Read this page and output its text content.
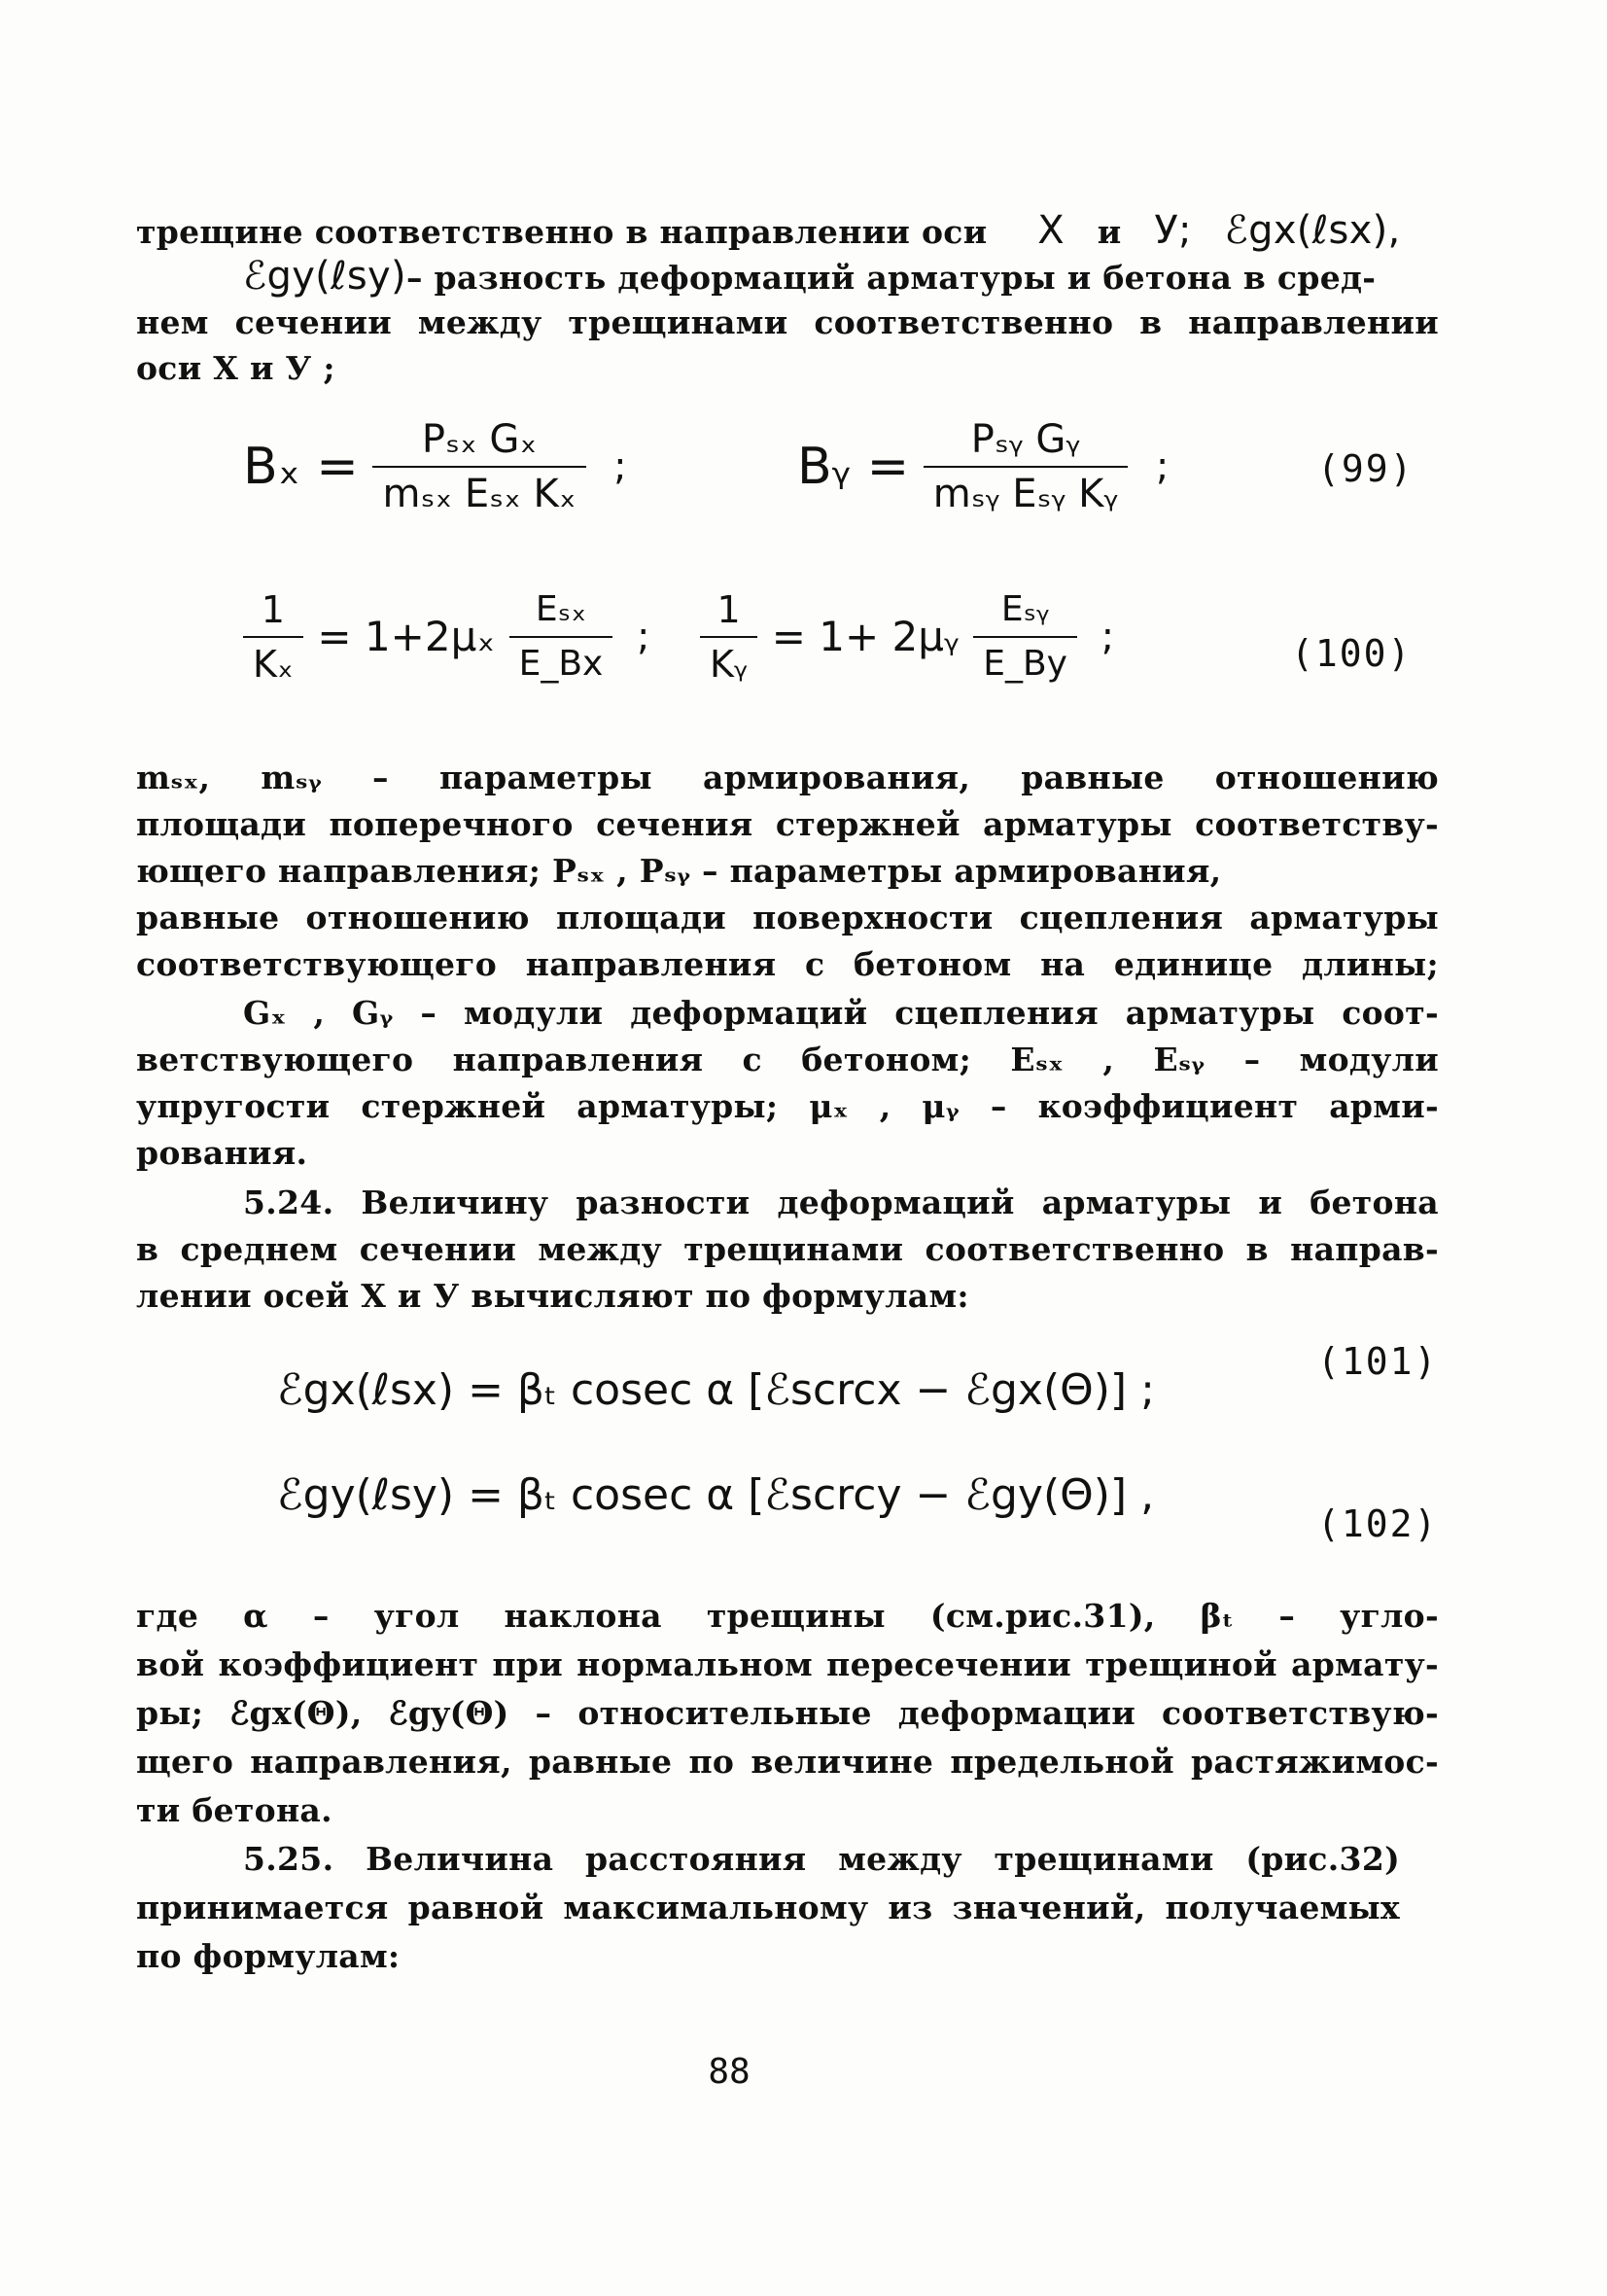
трещине соответственно в направлении оси X и У; ℰgx(ℓsx),
ℰgy(ℓsy)– разность деформаций арматуры и бетона в сред-
нем сечении между трещинами соответственно в направлении
оси X и У ;
$B_x = \frac{\text{Pₛₓ Gₓ}}{\text{mₛₓ Eₛₓ Kₓ}}$ ;	Bᵧ = $\frac{\text{Pₛᵧ Gᵧ}}{\text{mₛᵧ Eₛᵧ Kᵧ}}$ ;	(99)
$\frac{1}{\text{Kₓ}} = 1+2\mu_x \frac{\text{Eₛₓ}}{E\_Bx}$ ; $\frac{1}{\text{Kᵧ}} = 1+$ 2μᵧ $\frac{\text{Eₛᵧ}}{E\_By}$ ;	(100)
mₛₓ, mₛᵧ – параметры армирования, равные отношению
площади поперечного сечения стержней арматуры соответству-
ющего направления; Pₛₓ , Pₛᵧ – параметры армирования,
равные отношению площади поверхности сцепления арматуры
соответствующего направления с бетоном на единице длины;
Gₓ , Gᵧ – модули деформаций сцепления арматуры соот-
ветствующего направления с бетоном; Eₛₓ , Eₛᵧ – модули
упругости стержней арматуры; μₓ , μᵧ – коэффициент арми-
рования.
5.24. Величину разности деформаций арматуры и бетона
в среднем сечении между трещинами соответственно в направ-
лении осей X и У вычисляют по формулам:
ℰgx(ℓsx) = βₜ cosec α [ℰscrcx − ℰgx(Θ)] ;
(101)
ℰgy(ℓsy) = βₜ cosec α [ℰscrcy − ℰgy(Θ)] ,
(102)
где α – угол наклона трещины (см.рис.31), βₜ – угло-
вой коэффициент при нормальном пересечении трещиной армату-
ры; ℰgx(Θ), ℰgy(Θ) – относительные деформации соответствую-
щего направления, равные по величине предельной растяжимос-
ти бетона.
5.25. Величина расстояния между трещинами (рис.32)
принимается равной максимальному из значений, получаемых
по формулам:
88
